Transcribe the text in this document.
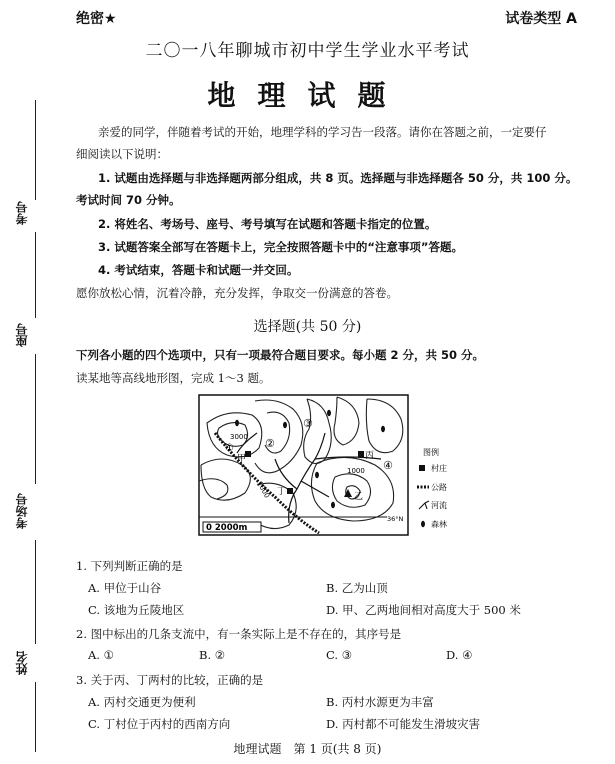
考号
座号
考场号
姓名
绝密★	试卷类型 A
二〇一八年聊城市初中学生学业水平考试
地理试题
亲爱的同学，伴随着考试的开始，地理学科的学习告一段落。请你在答题之前，一定要仔
细阅读以下说明：
1. 试题由选择题与非选择题两部分组成，共 8 页。选择题与非选择题各 50 分，共 100 分。
考试时间 70 分钟。
2. 将姓名、考场号、座号、考号填写在试题和答题卡指定的位置。
3. 试题答案全部写在答题卡上，完全按照答题卡中的“注意事项”答题。
4. 考试结束，答题卡和试题一并交回。
愿你放松心情，沉着冷静，充分发挥，争取交一份满意的答卷。
选择题(共 50 分)
下列各小题的四个选项中，只有一项最符合题目要求。每小题 2 分，共 50 分。
读某地等高线地形图，完成 1～3 题。
0 2000m
3000
1000
1000
甲	丙
丁	乙
①	②
③
④
36°N
图例
村庄
公路
河流
森林
1. 下列判断正确的是
A. 甲位于山谷	B. 乙为山顶
C. 该地为丘陵地区	D. 甲、乙两地间相对高度大于 500 米
2. 图中标出的几条支流中，有一条实际上是不存在的，其序号是
A. ①	B. ②	C. ③	D. ④
3. 关于丙、丁两村的比较，正确的是
A. 丙村交通更为便利	B. 丙村水源更为丰富
C. 丁村位于丙村的西南方向	D. 丙村都不可能发生滑坡灾害
地理试题　第 1 页(共 8 页)
